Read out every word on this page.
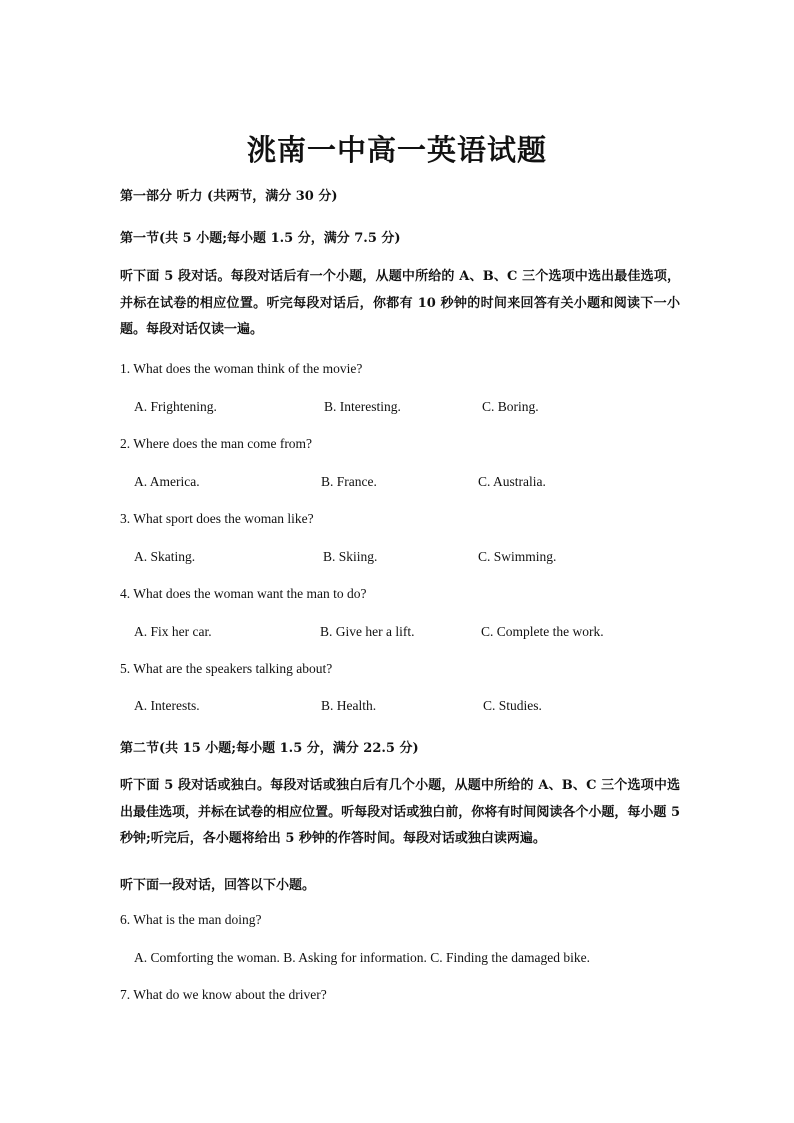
洮南一中高一英语试题
第一部分 听力 (共两节，满分 30 分)
第一节(共 5 小题;每小题 1.5 分，满分 7.5 分)
听下面 5 段对话。每段对话后有一个小题，从题中所给的 A、B、C 三个选项中选出最佳选项，并标在试卷的相应位置。听完每段对话后，你都有 10 秒钟的时间来回答有关小题和阅读下一小题。每段对话仅读一遍。
1. What does the woman think of the movie?
A. Frightening.	B. Interesting.	C. Boring.
2. Where does the man come from?
A. America.	B. France.	C. Australia.
3. What sport does the woman like?
A. Skating.	B. Skiing.	C. Swimming.
4. What does the woman want the man to do?
A. Fix her car.	B. Give her a lift.	C. Complete the work.
5. What are the speakers talking about?
A. Interests.	B. Health.	C. Studies.
第二节(共 15 小题;每小题 1.5 分，满分 22.5 分)
听下面 5 段对话或独白。每段对话或独白后有几个小题，从题中所给的 A、B、C 三个选项中选出最佳选项，并标在试卷的相应位置。听每段对话或独白前，你将有时间阅读各个小题，每小题 5 秒钟;听完后，各小题将给出 5 秒钟的作答时间。每段对话或独白读两遍。
听下面一段对话，回答以下小题。
6. What is the man doing?
A. Comforting the woman. B. Asking for information. C. Finding the damaged bike.
7. What do we know about the driver?
